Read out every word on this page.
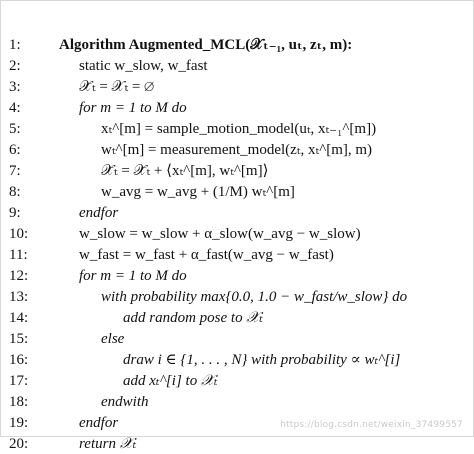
1:	Algorithm Augmented_MCL(𝒳ₜ₋₁, uₜ, zₜ, m):
2:	static w_slow, w_fast
3:	𝒳̄ₜ = 𝒳ₜ = ∅
4:	for m = 1 to M do
5:	xₜ^[m] = sample_motion_model(uₜ, xₜ₋₁^[m])
6:	wₜ^[m] = measurement_model(zₜ, xₜ^[m], m)
7:	𝒳̄ₜ = 𝒳̄ₜ + ⟨xₜ^[m], wₜ^[m]⟩
8:	w_avg = w_avg + (1/M) wₜ^[m]
9:	endfor
10:	w_slow = w_slow + α_slow(w_avg − w_slow)
11:	w_fast = w_fast + α_fast(w_avg − w_fast)
12:	for m = 1 to M do
13:	with probability max{0.0, 1.0 − w_fast/w_slow} do
14:	add random pose to 𝒳ₜ
15:	else
16:	draw i ∈ {1, . . . , N} with probability ∝ wₜ^[i]
17:	add xₜ^[i] to 𝒳ₜ
18:	endwith
19:	endfor
20:	return 𝒳ₜ
https://blog.csdn.net/weixin_37499557
